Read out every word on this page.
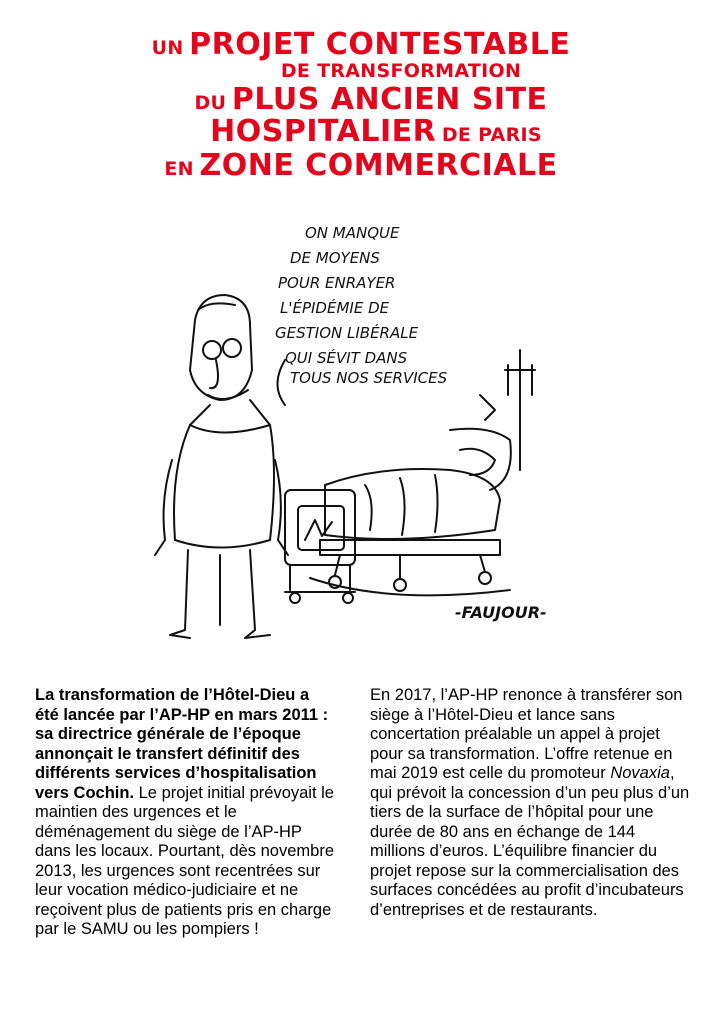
UN PROJET CONTESTABLE
DE TRANSFORMATION
DU PLUS ANCIEN SITE
HOSPITALIER DE PARIS
EN ZONE COMMERCIALE
ON MANQUE
DE MOYENS
POUR ENRAYER
L'ÉPIDÉMIE DE
GESTION LIBÉRALE
QUI SÉVIT DANS
TOUS NOS SERVICES
-FAUJOUR-
La transformation de l’Hôtel-Dieu a été lancée par l’AP-HP en mars 2011 : sa directrice générale de l’époque annonçait le transfert définitif des différents services d’hospitalisation vers Cochin. Le projet initial prévoyait le maintien des urgences et le déménagement du siège de l’AP-HP dans les locaux. Pourtant, dès novembre 2013, les urgences sont recentrées sur leur vocation médico-judiciaire et ne reçoivent plus de patients pris en charge par le SAMU ou les pompiers !
En 2017, l’AP-HP renonce à transférer son siège à l’Hôtel-Dieu et lance sans concertation préalable un appel à projet pour sa transformation. L’offre retenue en mai 2019 est celle du promoteur Novaxia, qui prévoit la concession d’un peu plus d’un tiers de la surface de l’hôpital pour une durée de 80 ans en échange de 144 millions d’euros. L’équilibre financier du projet repose sur la commercialisation des surfaces concédées au profit d’incubateurs d’entreprises et de restaurants.
